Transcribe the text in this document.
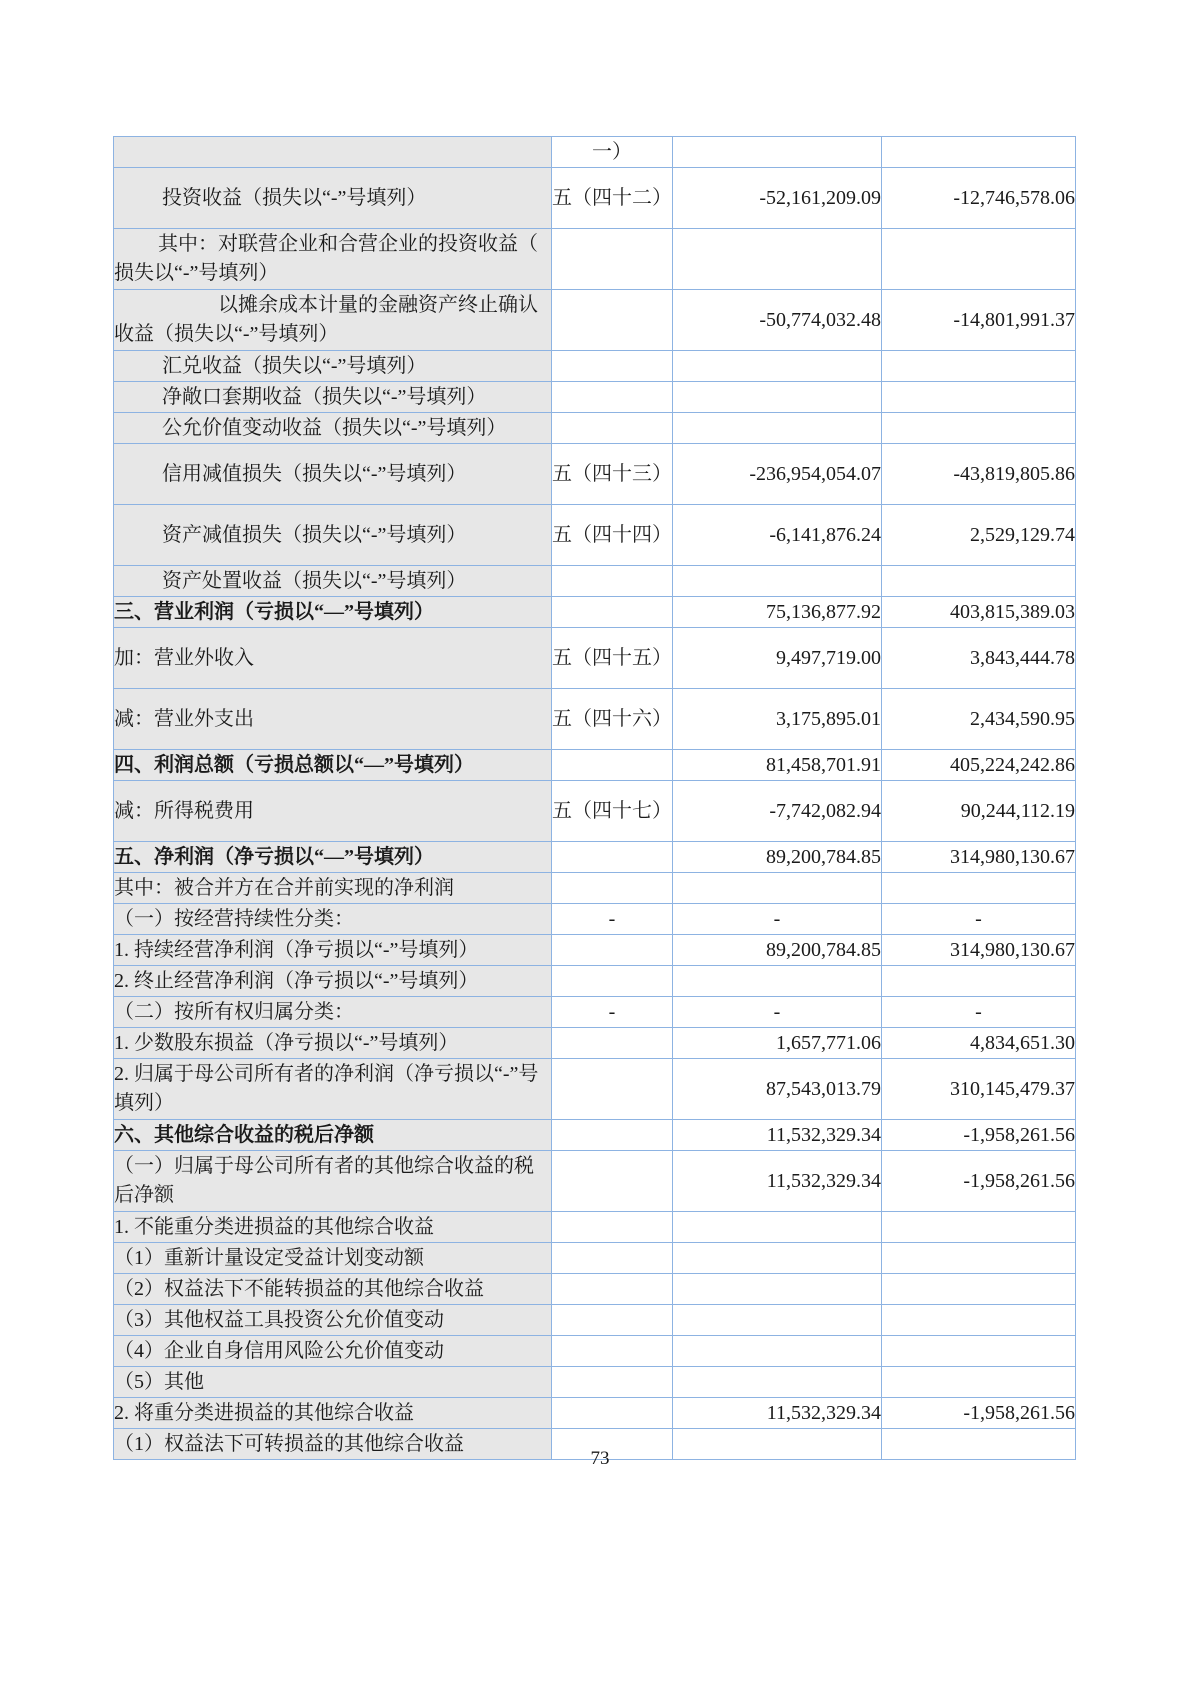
	一）		
投资收益（损失以“-”号填列）	五（四十二）	-52,161,209.09	-12,746,578.06
其中：对联营企业和合营企业的投资收益（损失以“-”号填列）			
以摊余成本计量的金融资产终止确认收益（损失以“-”号填列）		-50,774,032.48	-14,801,991.37
汇兑收益（损失以“-”号填列）			
净敞口套期收益（损失以“-”号填列）			
公允价值变动收益（损失以“-”号填列）			
信用减值损失（损失以“-”号填列）	五（四十三）	-236,954,054.07	-43,819,805.86
资产减值损失（损失以“-”号填列）	五（四十四）	-6,141,876.24	2,529,129.74
资产处置收益（损失以“-”号填列）			
三、营业利润（亏损以“—”号填列）		75,136,877.92	403,815,389.03
加：营业外收入	五（四十五）	9,497,719.00	3,843,444.78
减：营业外支出	五（四十六）	3,175,895.01	2,434,590.95
四、利润总额（亏损总额以“—”号填列）		81,458,701.91	405,224,242.86
减：所得税费用	五（四十七）	-7,742,082.94	90,244,112.19
五、净利润（净亏损以“—”号填列）		89,200,784.85	314,980,130.67
其中：被合并方在合并前实现的净利润			
（一）按经营持续性分类：	-	-	-
1. 持续经营净利润（净亏损以“-”号填列）		89,200,784.85	314,980,130.67
2. 终止经营净利润（净亏损以“-”号填列）			
（二）按所有权归属分类：	-	-	-
1. 少数股东损益（净亏损以“-”号填列）		1,657,771.06	4,834,651.30
2. 归属于母公司所有者的净利润（净亏损以“-”号填列）		87,543,013.79	310,145,479.37
六、其他综合收益的税后净额		11,532,329.34	-1,958,261.56
（一）归属于母公司所有者的其他综合收益的税后净额		11,532,329.34	-1,958,261.56
1. 不能重分类进损益的其他综合收益			
（1）重新计量设定受益计划变动额			
（2）权益法下不能转损益的其他综合收益			
（3）其他权益工具投资公允价值变动			
（4）企业自身信用风险公允价值变动			
（5）其他			
2. 将重分类进损益的其他综合收益		11,532,329.34	-1,958,261.56
（1）权益法下可转损益的其他综合收益			
73
